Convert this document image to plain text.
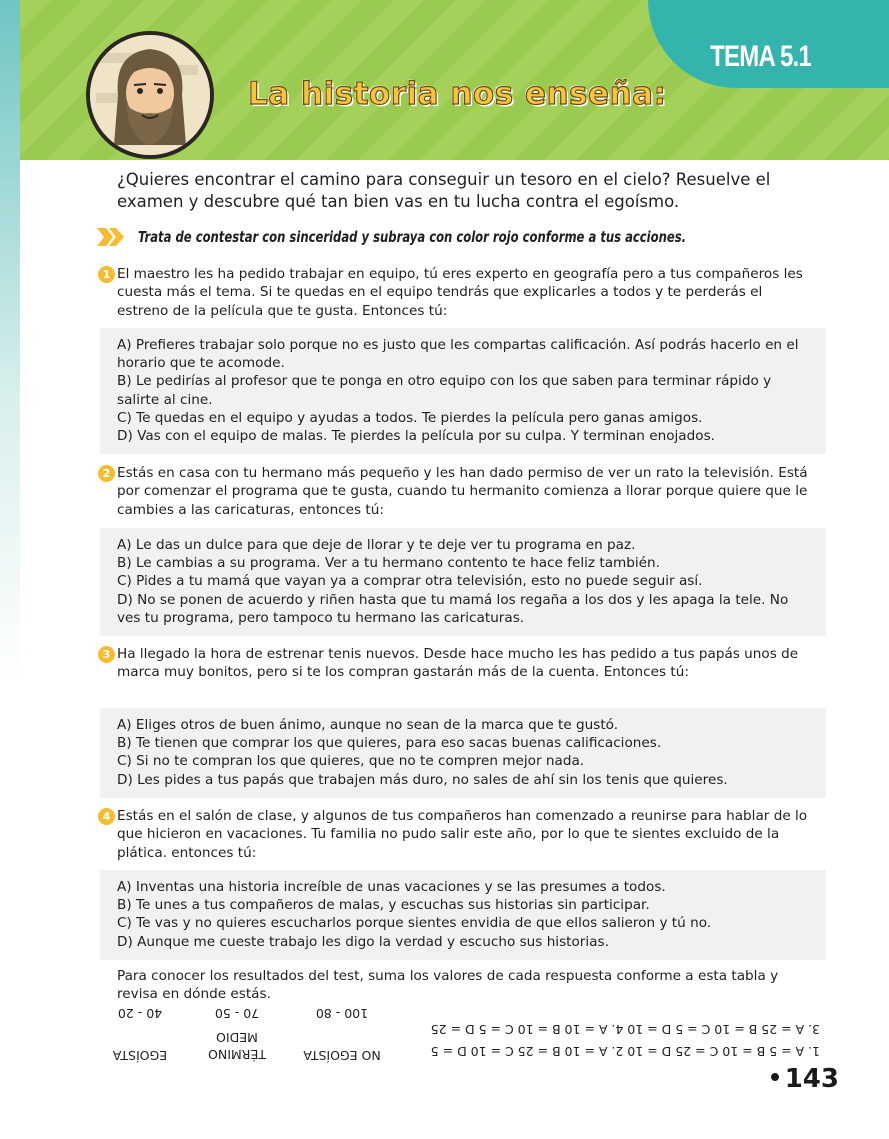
TEMA 5.1
La historia nos enseña:
¿Quieres encontrar el camino para conseguir un tesoro en el cielo? Resuelve el examen y descubre qué tan bien vas en tu lucha contra el egoísmo.
Trata de contestar con sinceridad y subraya con color rojo conforme a tus acciones.
1 El maestro les ha pedido trabajar en equipo, tú eres experto en geografía pero a tus compañeros les cuesta más el tema. Si te quedas en el equipo tendrás que explicarles a todos y te perderás el estreno de la película que te gusta. Entonces tú:
A) Prefieres trabajar solo porque no es justo que les compartas calificación. Así podrás hacerlo en el horario que te acomode.
B) Le pedirías al profesor que te ponga en otro equipo con los que saben para terminar rápido y salirte al cine.
C) Te quedas en el equipo y ayudas a todos. Te pierdes la película pero ganas amigos.
D) Vas con el equipo de malas. Te pierdes la película por su culpa. Y terminan enojados.
2 Estás en casa con tu hermano más pequeño y les han dado permiso de ver un rato la televisión. Está por comenzar el programa que te gusta, cuando tu hermanito comienza a llorar porque quiere que le cambies a las caricaturas, entonces tú:
A) Le das un dulce para que deje de llorar y te deje ver tu programa en paz.
B) Le cambias a su programa. Ver a tu hermano contento te hace feliz también.
C) Pides a tu mamá que vayan ya a comprar otra televisión, esto no puede seguir así.
D) No se ponen de acuerdo y riñen hasta que tu mamá los regaña a los dos y les apaga la tele. No ves tu programa, pero tampoco tu hermano las caricaturas.
3 Ha llegado la hora de estrenar tenis nuevos. Desde hace mucho les has pedido a tus papás unos de marca muy bonitos, pero si te los compran gastarán más de la cuenta. Entonces tú:
A) Eliges otros de buen ánimo, aunque no sean de la marca que te gustó.
B) Te tienen que comprar los que quieres, para eso sacas buenas calificaciones.
C) Si no te compran los que quieres, que no te compren mejor nada.
D) Les pides a tus papás que trabajen más duro, no sales de ahí sin los tenis que quieres.
4 Estás en el salón de clase, y algunos de tus compañeros han comenzado a reunirse para hablar de lo que hicieron en vacaciones. Tu familia no pudo salir este año, por lo que te sientes excluido de la plática. entonces tú:
A) Inventas una historia increíble de unas vacaciones y se las presumes a todos.
B) Te unes a tus compañeros de malas, y escuchas sus historias sin participar.
C) Te vas y no quieres escucharlos porque sientes envidia de que ellos salieron y tú no.
D) Aunque me cueste trabajo les digo la verdad y escucho sus historias.
Para conocer los resultados del test, suma los valores de cada respuesta conforme a esta tabla y revisa en dónde estás.
1. A = 5 B = 10 C = 25 D = 10 2. A = 10 B = 25 C = 10 D = 5
3. A = 25 B = 10 C = 5 D = 10 4. A = 10 B = 10 C = 5 D = 25
NO EGOÍSTA
100 - 80
TÉRMINO MEDIO
70 - 50
EGOÍSTA
40 - 20
143
